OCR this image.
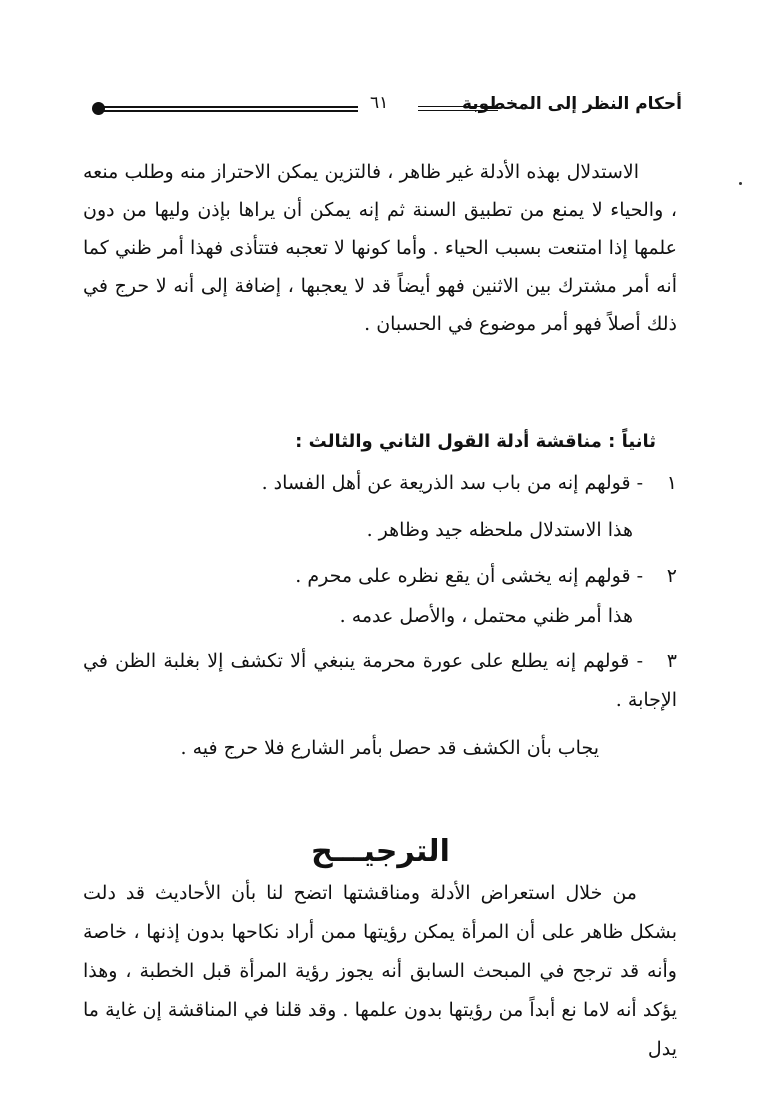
أحكام النظر إلى المخطوبة
٦١

الاستدلال بهذه الأدلة غير ظاهر ، فالتزين يمكن الاحتراز منه وطلب منعه ، والحياء لا يمنع من تطبيق السنة ثم إنه يمكن أن يراها بإذن وليها من دون علمها إذا امتنعت بسبب الحياء . وأما كونها لا تعجبه فتتأذى فهذا أمر ظني كما أنه أمر مشترك بين الاثنين فهو أيضاً قد لا يعجبها ، إضافة إلى أنه لا حرج في ذلك أصلاً فهو أمر موضوع في الحسبان .

ثانياً : مناقشة أدلة القول الثاني والثالث :
١- قولهم إنه من باب سد الذريعة عن أهل الفساد .
هذا الاستدلال ملحظه جيد وظاهر .
٢- قولهم إنه يخشى أن يقع نظره على محرم .
هذا أمر ظني محتمل ، والأصل عدمه .
٣- قولهم إنه يطلع على عورة محرمة ينبغي ألا تكشف إلا بغلبة الظن في الإجابة .
يجاب بأن الكشف قد حصل بأمر الشارع فلا حرج فيه .
الترجيـــح

من خلال استعراض الأدلة ومناقشتها اتضح لنا بأن الأحاديث قد دلت بشكل ظاهر على أن المرأة يمكن رؤيتها ممن أراد نكاحها بدون إذنها ، خاصة وأنه قد ترجح في المبحث السابق أنه يجوز رؤية المرأة قبل الخطبة ، وهذا يؤكد أنه لاما نع أبداً من رؤيتها بدون علمها . وقد قلنا في المناقشة إن غاية ما يدل
